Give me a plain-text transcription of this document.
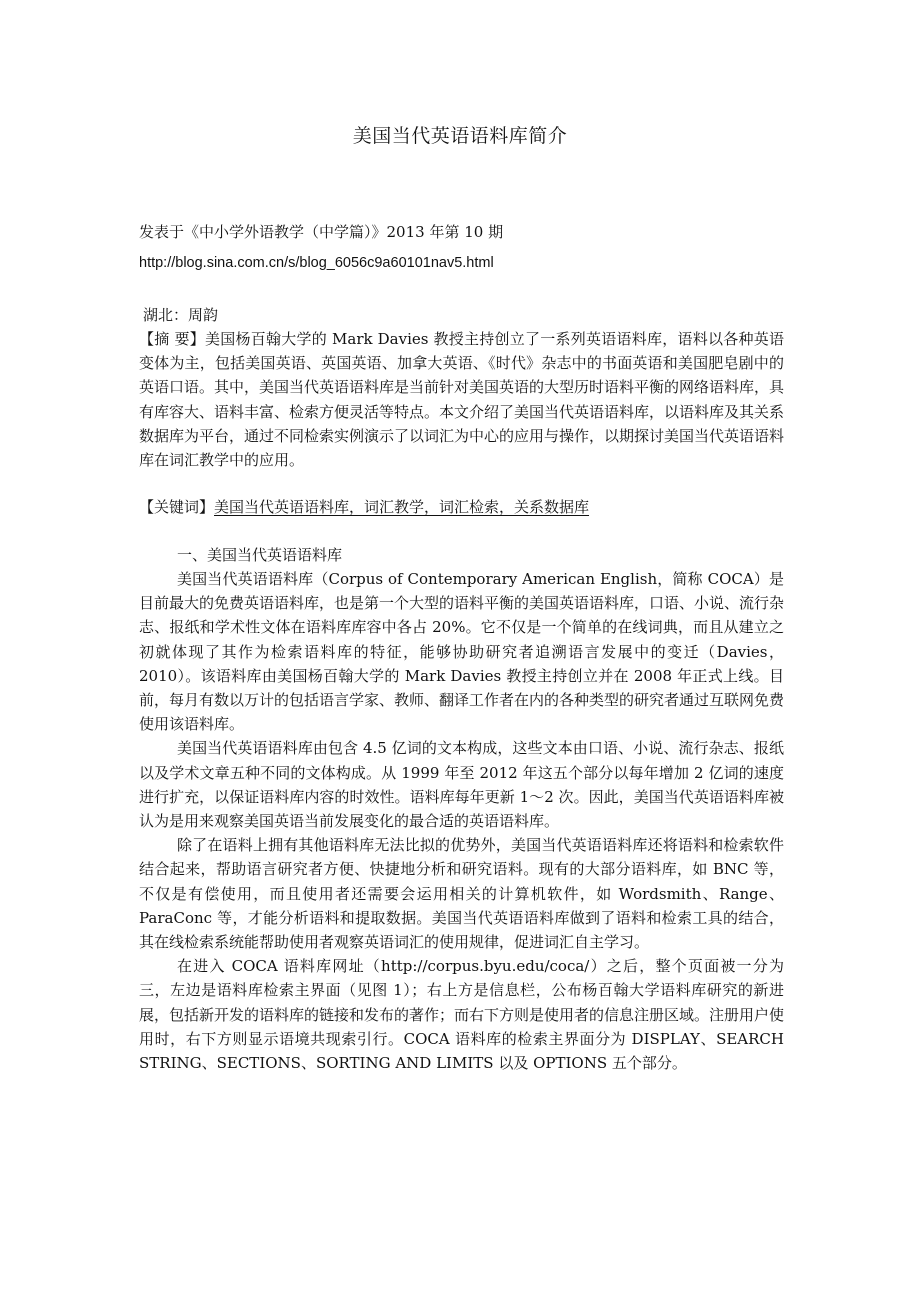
美国当代英语语料库简介
发表于《中小学外语教学（中学篇）》2013 年第 10 期
http://blog.sina.com.cn/s/blog_6056c9a60101nav5.html
湖北：周韵
【摘 要】美国杨百翰大学的 Mark Davies 教授主持创立了一系列英语语料库，语料以各种英语变体为主，包括美国英语、英国英语、加拿大英语、《时代》杂志中的书面英语和美国肥皂剧中的英语口语。其中，美国当代英语语料库是当前针对美国英语的大型历时语料平衡的网络语料库，具有库容大、语料丰富、检索方便灵活等特点。本文介绍了美国当代英语语料库，以语料库及其关系数据库为平台，通过不同检索实例演示了以词汇为中心的应用与操作，以期探讨美国当代英语语料库在词汇教学中的应用。
【关键词】美国当代英语语料库，词汇教学，词汇检索，关系数据库
一、美国当代英语语料库

美国当代英语语料库（Corpus of Contemporary American English，简称 COCA）是目前最大的免费英语语料库，也是第一个大型的语料平衡的美国英语语料库，口语、小说、流行杂志、报纸和学术性文体在语料库库容中各占 20%。它不仅是一个简单的在线词典，而且从建立之初就体现了其作为检索语料库的特征，能够协助研究者追溯语言发展中的变迁（Davies，2010）。该语料库由美国杨百翰大学的 Mark Davies 教授主持创立并在 2008 年正式上线。目前，每月有数以万计的包括语言学家、教师、翻译工作者在内的各种类型的研究者通过互联网免费使用该语料库。

美国当代英语语料库由包含 4.5 亿词的文本构成，这些文本由口语、小说、流行杂志、报纸以及学术文章五种不同的文体构成。从 1999 年至 2012 年这五个部分以每年增加 2 亿词的速度进行扩充，以保证语料库内容的时效性。语料库每年更新 1～2 次。因此，美国当代英语语料库被认为是用来观察美国英语当前发展变化的最合适的英语语料库。

除了在语料上拥有其他语料库无法比拟的优势外，美国当代英语语料库还将语料和检索软件结合起来，帮助语言研究者方便、快捷地分析和研究语料。现有的大部分语料库，如 BNC 等，不仅是有偿使用，而且使用者还需要会运用相关的计算机软件，如 Wordsmith、Range、ParaConc 等，才能分析语料和提取数据。美国当代英语语料库做到了语料和检索工具的结合，其在线检索系统能帮助使用者观察英语词汇的使用规律，促进词汇自主学习。

在进入 COCA 语料库网址（http://corpus.byu.edu/coca/）之后，整个页面被一分为三，左边是语料库检索主界面（见图 1）；右上方是信息栏，公布杨百翰大学语料库研究的新进展，包括新开发的语料库的链接和发布的著作；而右下方则是使用者的信息注册区域。注册用户使用时，右下方则显示语境共现索引行。COCA 语料库的检索主界面分为 DISPLAY、SEARCH STRING、SECTIONS、SORTING AND LIMITS 以及 OPTIONS 五个部分。
